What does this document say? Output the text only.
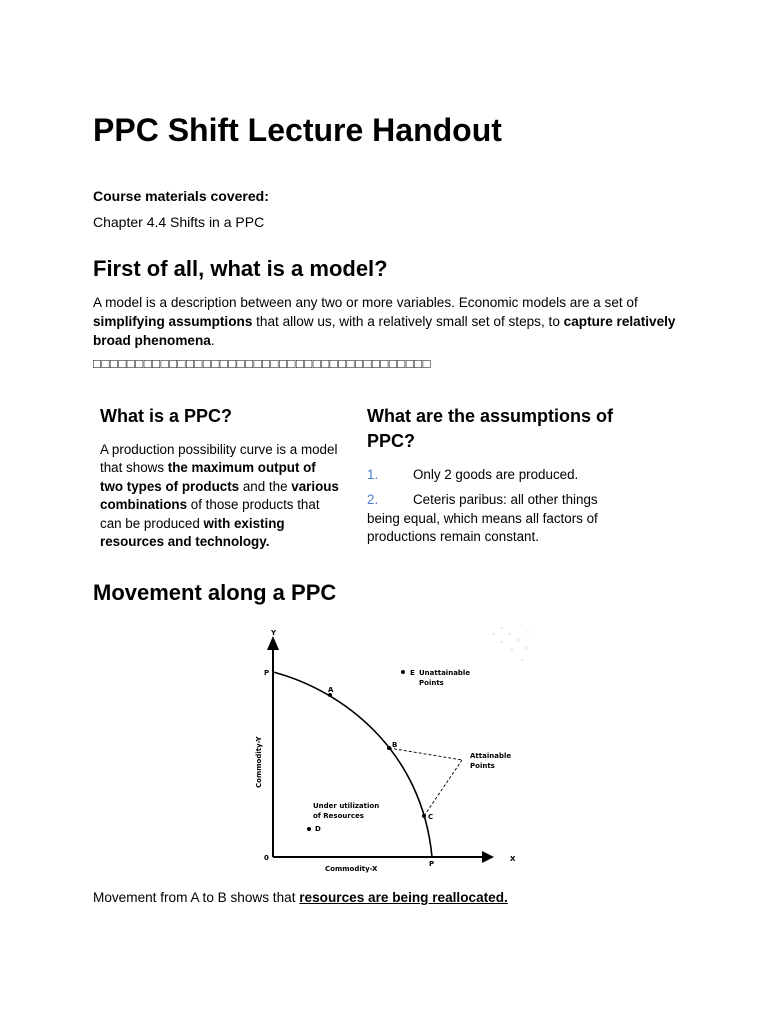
PPC Shift Lecture Handout
Course materials covered:
Chapter 4.4 Shifts in a PPC
First of all, what is a model?
A model is a description between any two or more variables. Economic models are a set of simplifying assumptions that allow us, with a relatively small set of steps, to capture relatively broad phenomena.
□□□□□□□□□□□□□□□□□□□□□□□□□□□□□□□□□□□□□□□□
What is a PPC?
A production possibility curve is a model that shows the maximum output of two types of products and the various combinations of those products that can be produced with existing resources and technology.
What are the assumptions of PPC?
1.	Only 2 goods are produced.
2.	Ceteris paribus: all other things being equal, which means all factors of productions remain constant.
Movement along a PPC
Y
X
P
P
0
Commodity-X
Commodity-Y
A
B
C
D
E Unattainable
Points
Attainable
Points
Under utilization
of Resources
Movement from A to B shows that resources are being reallocated.
